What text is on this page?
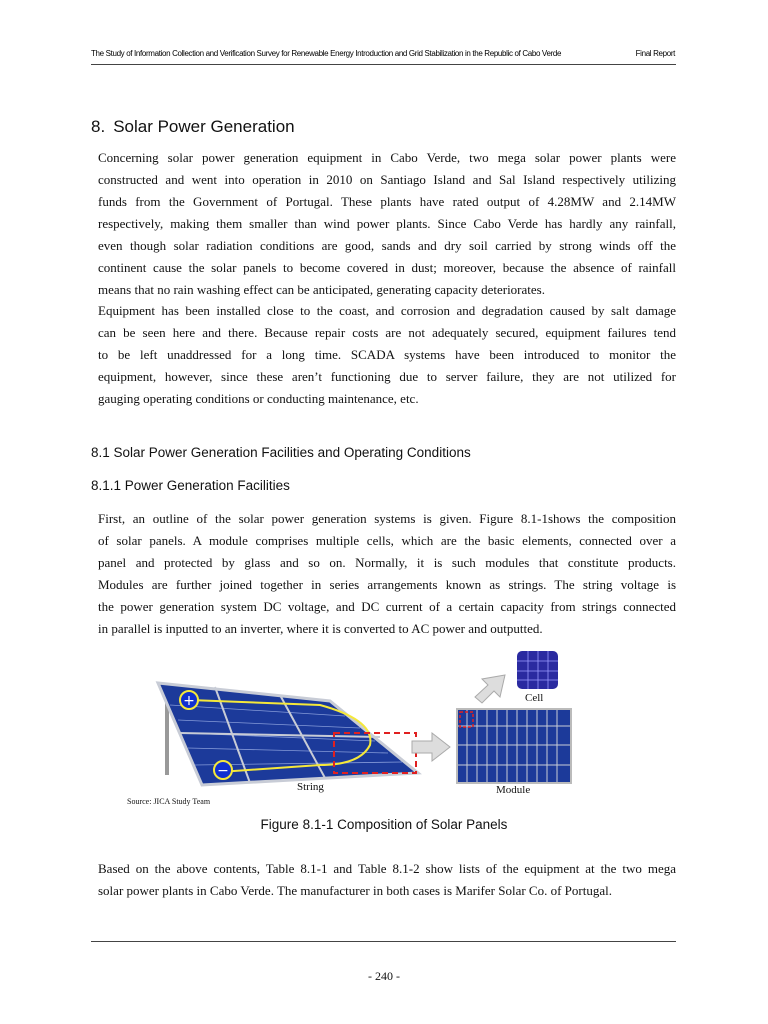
The Study of Information Collection and Verification Survey for Renewable Energy Introduction and Grid Stabilization in the Republic of Cabo Verde	Final Report
8. Solar Power Generation
Concerning solar power generation equipment in Cabo Verde, two mega solar power plants were
constructed and went into operation in 2010 on Santiago Island and Sal Island respectively utilizing
funds from the Government of Portugal. These plants have rated output of 4.28MW and 2.14MW
respectively, making them smaller than wind power plants. Since Cabo Verde has hardly any rainfall,
even though solar radiation conditions are good, sands and dry soil carried by strong winds off the
continent cause the solar panels to become covered in dust; moreover, because the absence of rainfall
means that no rain washing effect can be anticipated, generating capacity deteriorates.
Equipment has been installed close to the coast, and corrosion and degradation caused by salt damage
can be seen here and there. Because repair costs are not adequately secured, equipment failures tend
to be left unaddressed for a long time. SCADA systems have been introduced to monitor the
equipment, however, since these aren’t functioning due to server failure, they are not utilized for
gauging operating conditions or conducting maintenance, etc.
8.1 Solar Power Generation Facilities and Operating Conditions
8.1.1 Power Generation Facilities
First, an outline of the solar power generation systems is given. Figure 8.1-1shows the composition
of solar panels. A module comprises multiple cells, which are the basic elements, connected over a
panel and protected by glass and so on. Normally, it is such modules that constitute products.
Modules are further joined together in series arrangements known as strings. The string voltage is
the power generation system DC voltage, and DC current of a certain capacity from strings connected
in parallel is inputted to an inverter, where it is converted to AC power and outputted.
+
−
Cell
Module
String
Source: JICA Study Team
Figure 8.1-1 Composition of Solar Panels
Based on the above contents, Table 8.1-1 and Table 8.1-2 show lists of the equipment at the two mega
solar power plants in Cabo Verde. The manufacturer in both cases is Marifer Solar Co. of Portugal.
- 240 -
